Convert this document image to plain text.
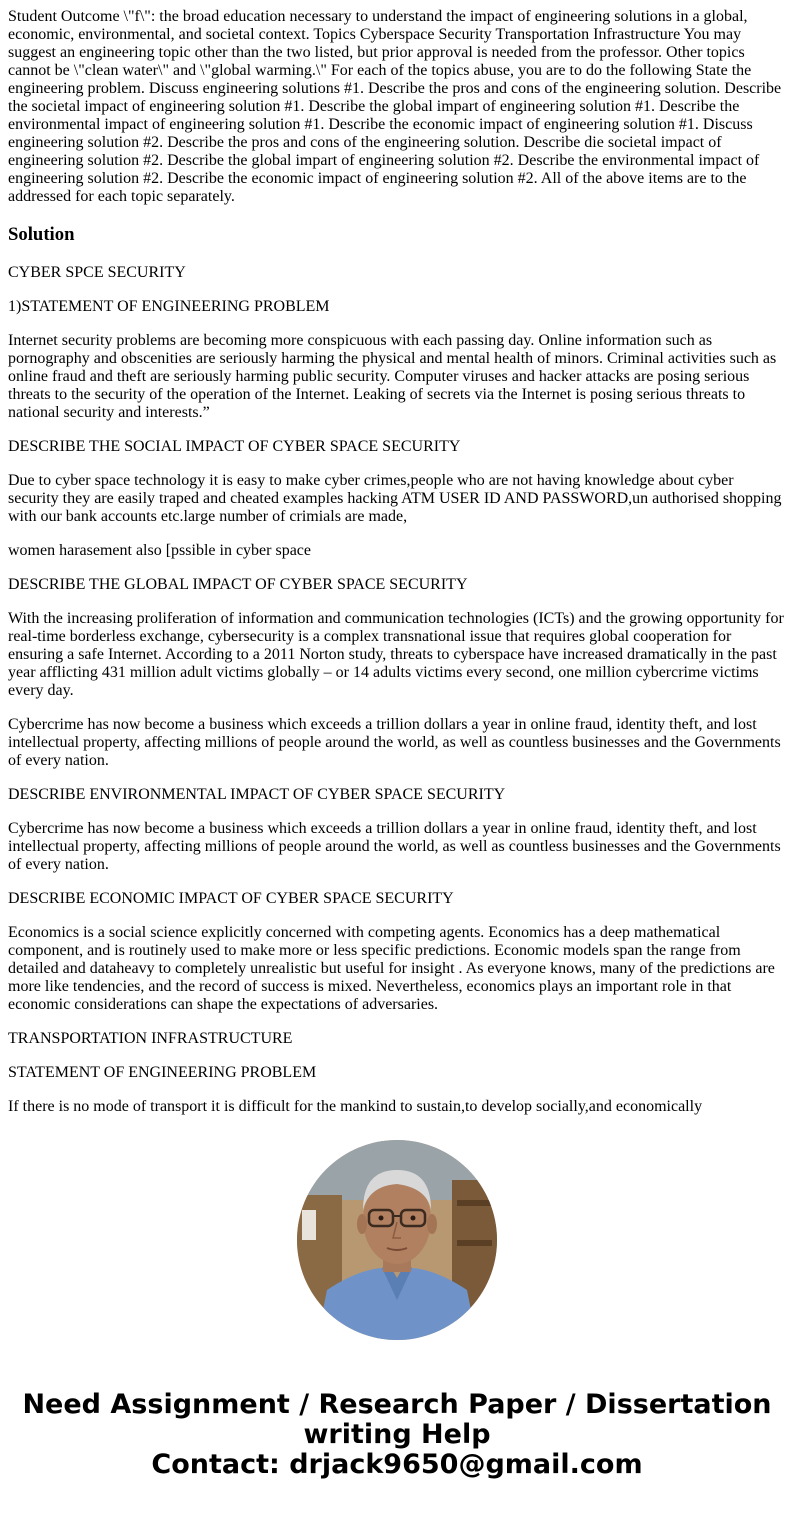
Student Outcome \"f\": the broad education necessary to understand the impact of engineering solutions in a global, economic, environmental, and societal context. Topics Cyberspace Security Transportation Infrastructure You may suggest an engineering topic other than the two listed, but prior approval is needed from the professor. Other topics cannot be \"clean water\" and \"global warming.\" For each of the topics abuse, you are to do the following State the engineering problem. Discuss engineering solutions #1. Describe the pros and cons of the engineering solution. Describe the societal impact of engineering solution #1. Describe the global impart of engineering solution #1. Describe the environmental impact of engineering solution #1. Describe the economic impact of engineering solution #1. Discuss engineering solution #2. Describe the pros and cons of the engineering solution. Describe die societal impact of engineering solution #2. Describe the global impart of engineering solution #2. Describe the environmental impact of engineering solution #2. Describe the economic impact of engineering solution #2. All of the above items are to the addressed for each topic separately.

Solution

CYBER SPCE SECURITY

1)STATEMENT OF ENGINEERING PROBLEM

Internet security problems are becoming more conspicuous with each passing day. Online information such as pornography and obscenities are seriously harming the physical and mental health of minors. Criminal activities such as online fraud and theft are seriously harming public security. Computer viruses and hacker attacks are posing serious threats to the security of the operation of the Internet. Leaking of secrets via the Internet is posing serious threats to national security and interests.”

DESCRIBE THE SOCIAL IMPACT OF CYBER SPACE SECURITY

Due to cyber space technology it is easy to make cyber crimes,people who are not having knowledge about cyber security they are easily traped and cheated examples hacking ATM USER ID AND PASSWORD,un authorised shopping with our bank accounts etc.large number of crimials are made,

women harasement also [pssible in cyber space

DESCRIBE THE GLOBAL IMPACT OF CYBER SPACE SECURITY

With the increasing proliferation of information and communication technologies (ICTs) and the growing opportunity for real-time borderless exchange, cybersecurity is a complex transnational issue that requires global cooperation for ensuring a safe Internet. According to a 2011 Norton study, threats to cyberspace have increased dramatically in the past year afflicting 431 million adult victims globally – or 14 adults victims every second, one million cybercrime victims every day.

Cybercrime has now become a business which exceeds a trillion dollars a year in online fraud, identity theft, and lost intellectual property, affecting millions of people around the world, as well as countless businesses and the Governments of every nation.

DESCRIBE ENVIRONMENTAL IMPACT OF CYBER SPACE SECURITY

Cybercrime has now become a business which exceeds a trillion dollars a year in online fraud, identity theft, and lost intellectual property, affecting millions of people around the world, as well as countless businesses and the Governments of every nation.

DESCRIBE ECONOMIC IMPACT OF CYBER SPACE SECURITY

Economics is a social science explicitly concerned with competing agents. Economics has a deep mathematical component, and is routinely used to make more or less specific predictions. Economic models span the range from detailed and dataheavy to completely unrealistic but useful for insight . As everyone knows, many of the predictions are more like tendencies, and the record of success is mixed. Nevertheless, economics plays an important role in that economic considerations can shape the expectations of adversaries.

TRANSPORTATION INFRASTRUCTURE

STATEMENT OF ENGINEERING PROBLEM

If there is no mode of transport it is difficult for the mankind to sustain,to develop socially,and economically

Need Assignment / Research Paper / Dissertation
writing Help
Contact: drjack9650@gmail.com
